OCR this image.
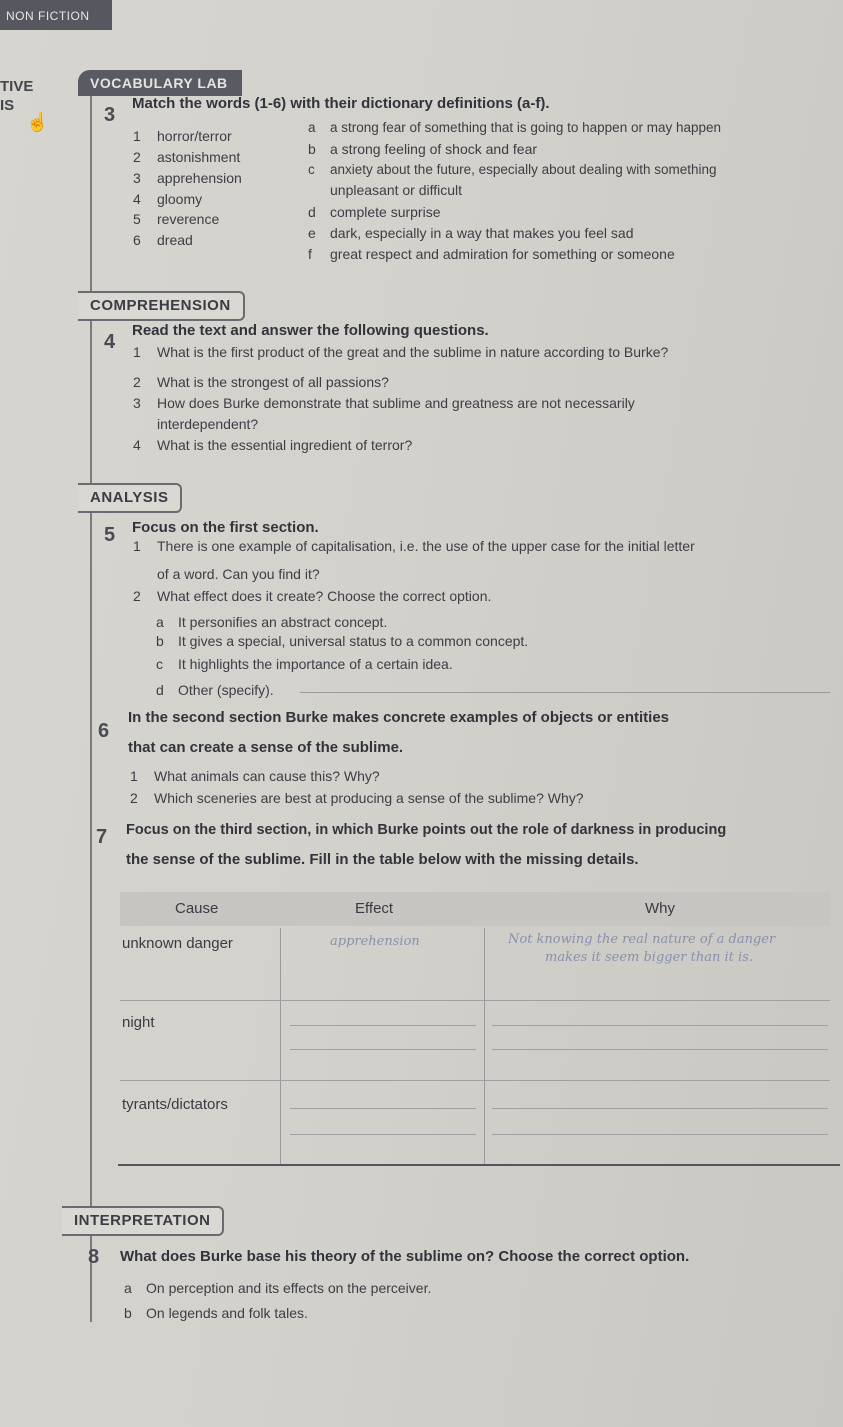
NON FICTION
TIVE
IS
☝
VOCABULARY LAB
3
Match the words (1-6) with their dictionary definitions (a-f).
1 horror/terror
2 astonishment
3 apprehension
4 gloomy
5 reverence
6 dread
a a strong fear of something that is going to happen or may happen
b a strong feeling of shock and fear
c anxiety about the future, especially about dealing with something
unpleasant or difficult
d complete surprise
e dark, especially in a way that makes you feel sad
f great respect and admiration for something or someone
COMPREHENSION
4
Read the text and answer the following questions.
1 What is the first product of the great and the sublime in nature according to Burke?
2 What is the strongest of all passions?
3 How does Burke demonstrate that sublime and greatness are not necessarily
interdependent?
4 What is the essential ingredient of terror?
ANALYSIS
5 Focus on the first section.
1 There is one example of capitalisation, i.e. the use of the upper case for the initial letter
of a word. Can you find it?
2 What effect does it create? Choose the correct option.
a It personifies an abstract concept.
b It gives a special, universal status to a common concept.
c It highlights the importance of a certain idea.
d Other (specify).
6
In the second section Burke makes concrete examples of objects or entities
that can create a sense of the sublime.
1 What animals can cause this? Why?
2 Which sceneries are best at producing a sense of the sublime? Why?
7 Focus on the third section, in which Burke points out the role of darkness in producing
the sense of the sublime. Fill in the table below with the missing details.
Cause	Effect	Why
unknown danger	apprehension	Not knowing the real nature of a danger
makes it seem bigger than it is.
night
tyrants/dictators
INTERPRETATION
8 What does Burke base his theory of the sublime on? Choose the correct option.
a On perception and its effects on the perceiver.
b On legends and folk tales.
